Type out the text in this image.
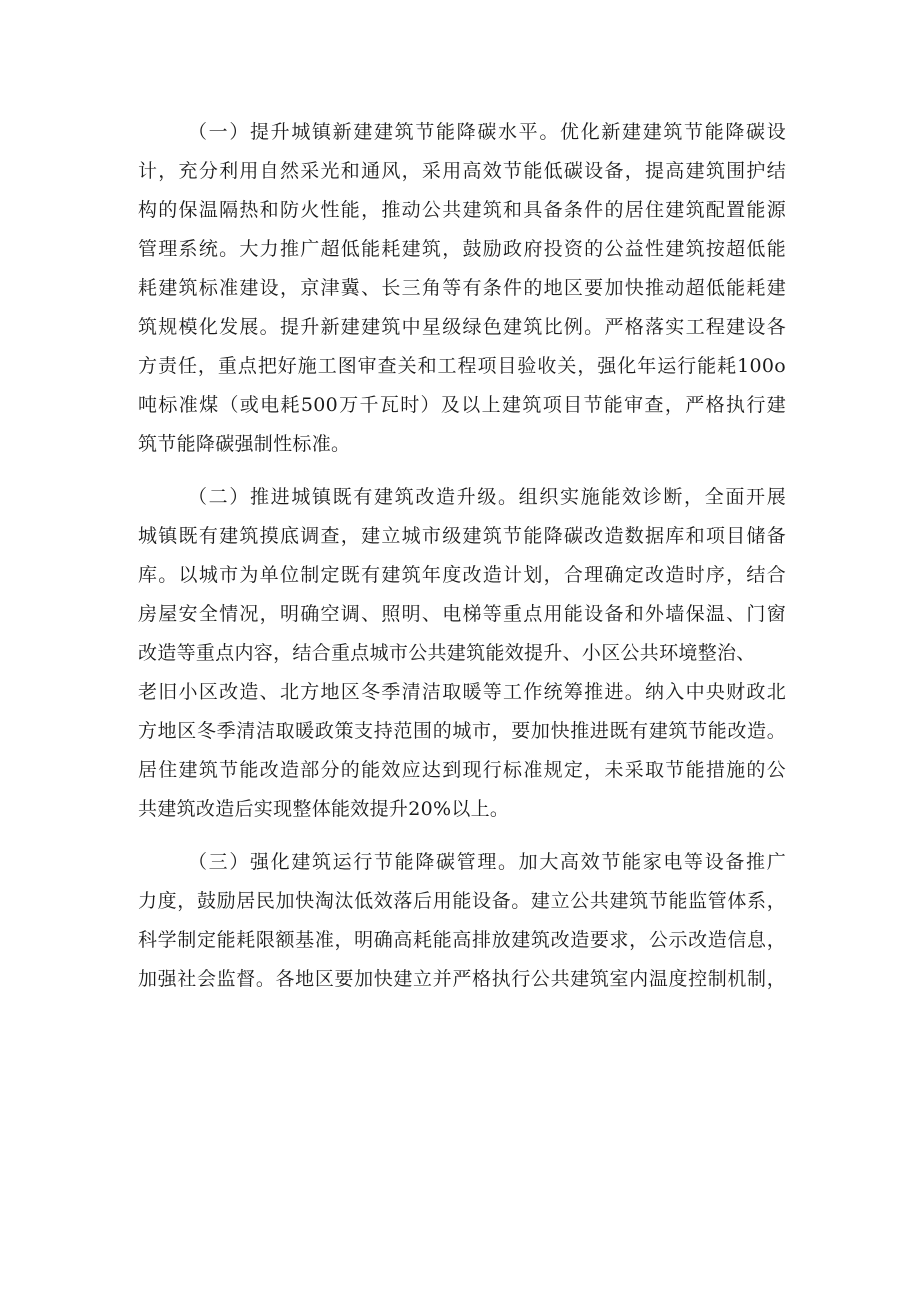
（一）提升城镇新建建筑节能降碳水平。优化新建建筑节能降碳设
计，充分利用自然采光和通风，采用高效节能低碳设备，提高建筑围护结
构的保温隔热和防火性能，推动公共建筑和具备条件的居住建筑配置能源
管理系统。大力推广超低能耗建筑，鼓励政府投资的公益性建筑按超低能
耗建筑标准建设，京津冀、长三角等有条件的地区要加快推动超低能耗建
筑规模化发展。提升新建建筑中星级绿色建筑比例。严格落实工程建设各
方责任，重点把好施工图审查关和工程项目验收关，强化年运行能耗100o
吨标准煤（或电耗500万千瓦时）及以上建筑项目节能审查，严格执行建
筑节能降碳强制性标准。
（二）推进城镇既有建筑改造升级。组织实施能效诊断，全面开展
城镇既有建筑摸底调查，建立城市级建筑节能降碳改造数据库和项目储备
库。以城市为单位制定既有建筑年度改造计划，合理确定改造时序，结合
房屋安全情况，明确空调、照明、电梯等重点用能设备和外墙保温、门窗
改造等重点内容，结合重点城市公共建筑能效提升、小区公共环境整治、
老旧小区改造、北方地区冬季清洁取暖等工作统筹推进。纳入中央财政北
方地区冬季清洁取暖政策支持范围的城市，要加快推进既有建筑节能改造。
居住建筑节能改造部分的能效应达到现行标准规定，未采取节能措施的公
共建筑改造后实现整体能效提升20%以上。
（三）强化建筑运行节能降碳管理。加大高效节能家电等设备推广
力度，鼓励居民加快淘汰低效落后用能设备。建立公共建筑节能监管体系，
科学制定能耗限额基准，明确高耗能高排放建筑改造要求，公示改造信息，
加强社会监督。各地区要加快建立并严格执行公共建筑室内温度控制机制，
